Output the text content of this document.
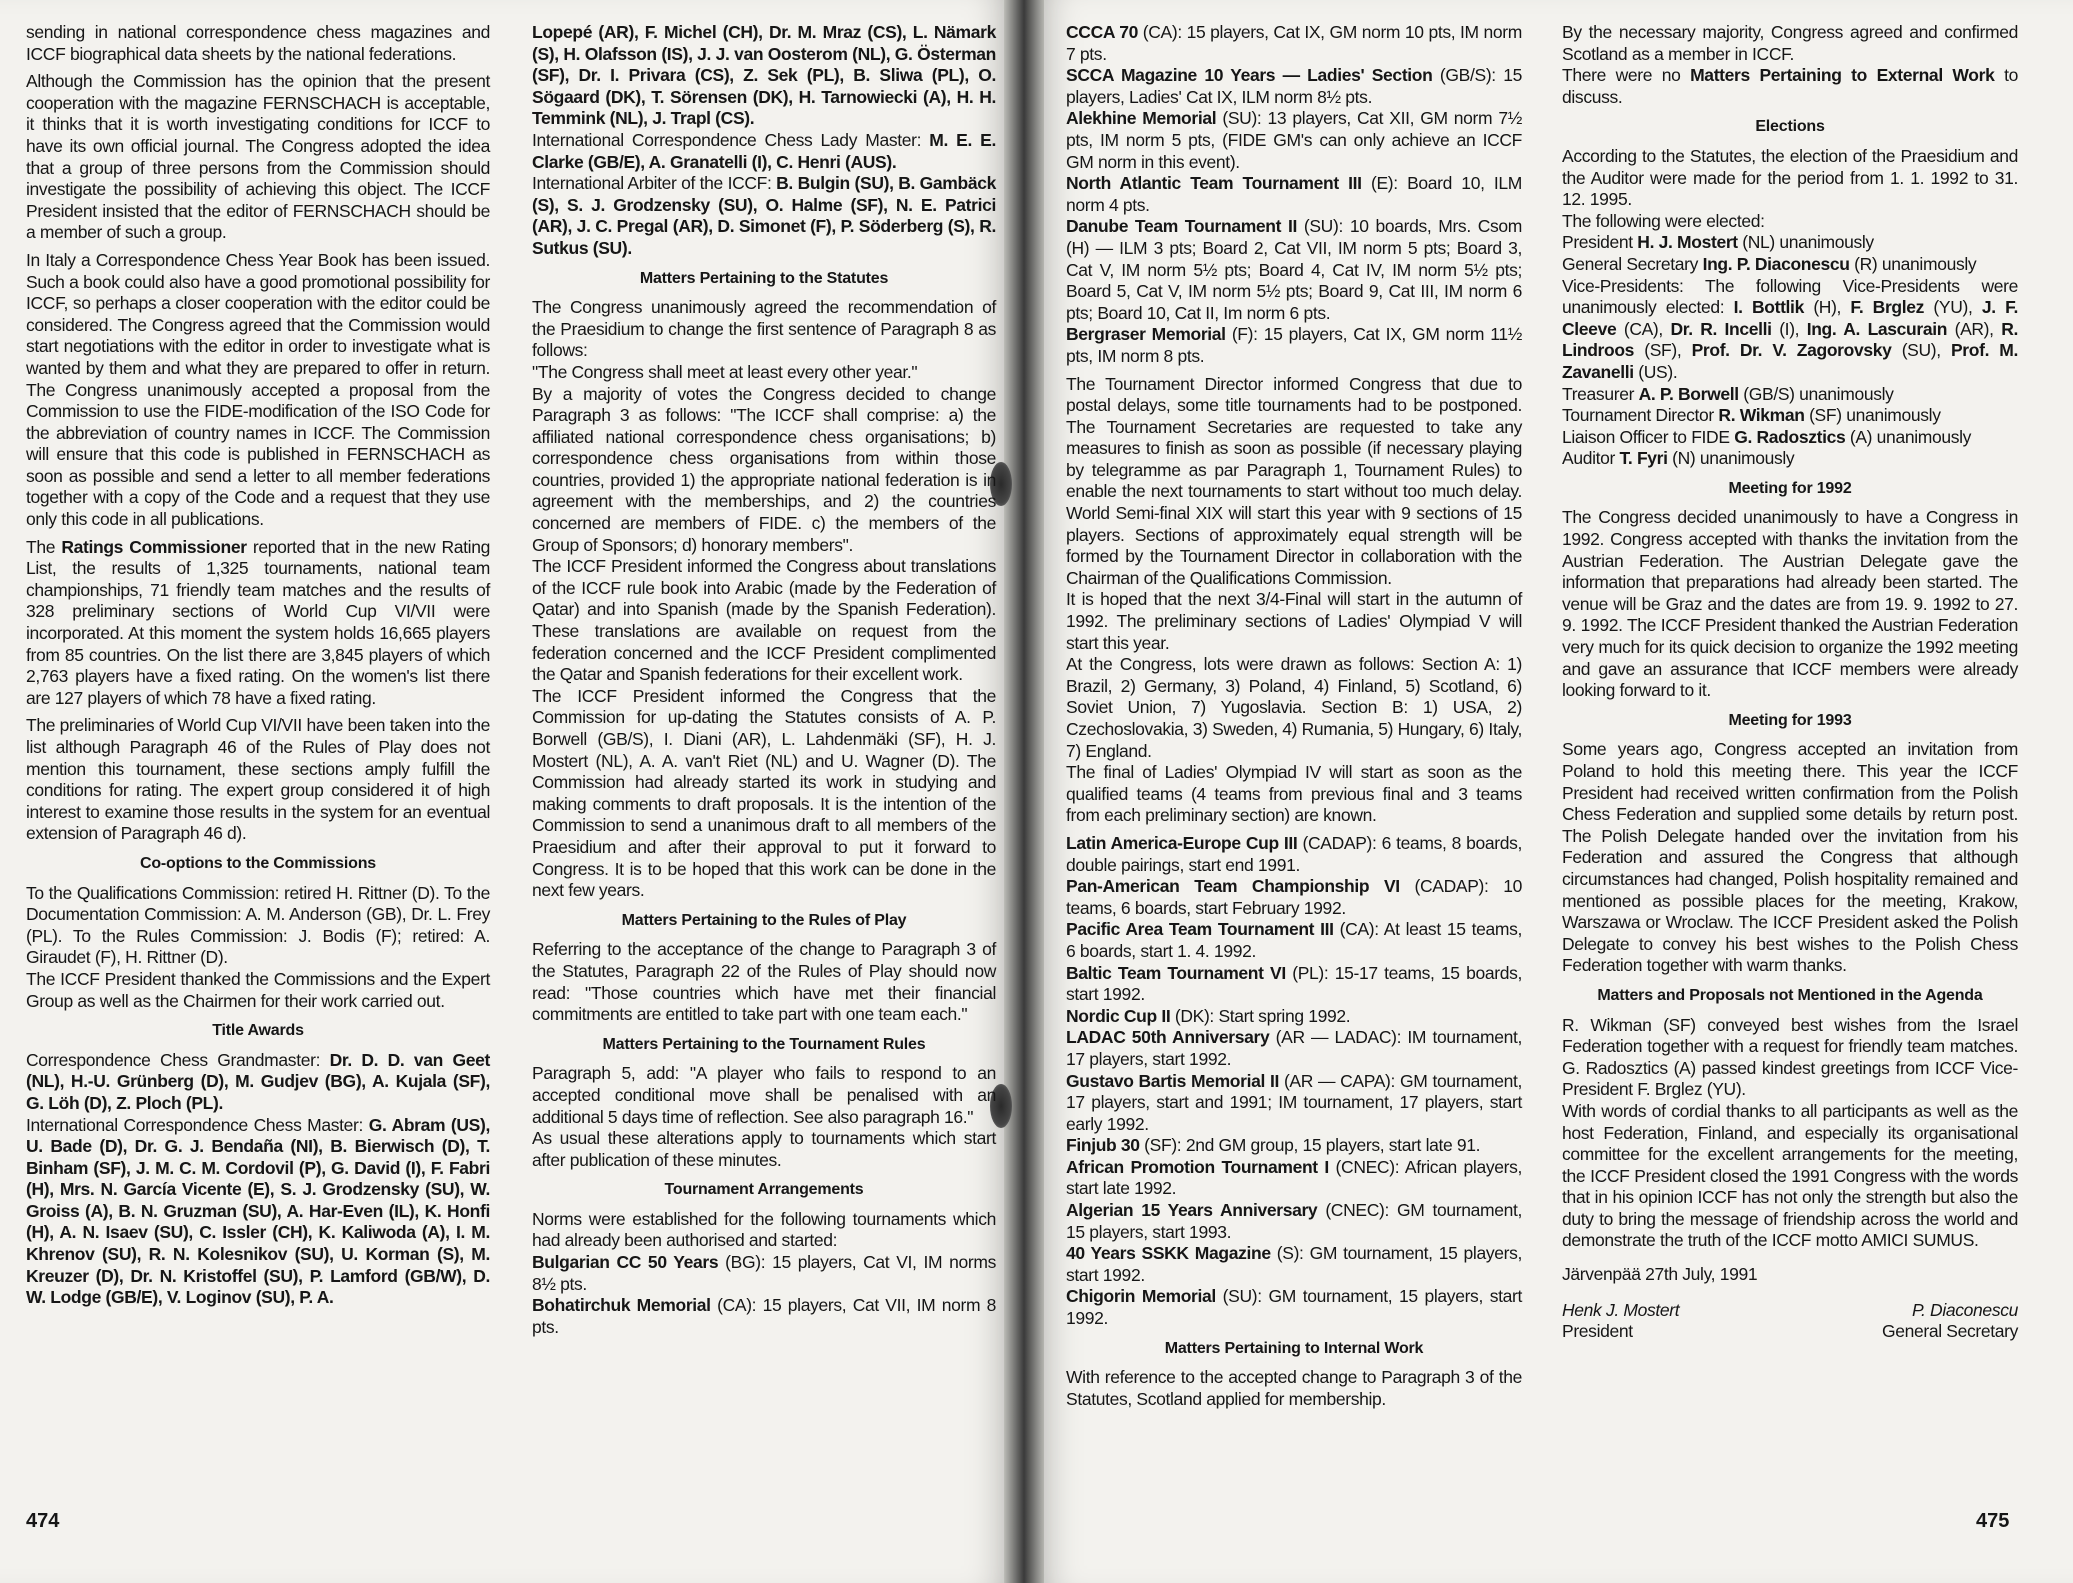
sending in national correspondence chess magazines and ICCF biographical data sheets by the national federations.

Although the Commission has the opinion that the present cooperation with the magazine FERNSCHACH is acceptable, it thinks that it is worth investigating conditions for ICCF to have its own official journal. The Congress adopted the idea that a group of three persons from the Commission should investigate the possibility of achieving this object. The ICCF President insisted that the editor of FERNSCHACH should be a member of such a group.

In Italy a Correspondence Chess Year Book has been issued. Such a book could also have a good promotional possibility for ICCF, so perhaps a closer cooperation with the editor could be considered. The Congress agreed that the Commission would start negotiations with the editor in order to investigate what is wanted by them and what they are prepared to offer in return. The Congress unanimously accepted a proposal from the Commission to use the FIDE-modification of the ISO Code for the abbreviation of country names in ICCF. The Commission will ensure that this code is published in FERNSCHACH as soon as possible and send a letter to all member federations together with a copy of the Code and a request that they use only this code in all publications.

The Ratings Commissioner reported that in the new Rating List, the results of 1,325 tournaments, national team championships, 71 friendly team matches and the results of 328 preliminary sections of World Cup VI/VII were incorporated. At this moment the system holds 16,665 players from 85 countries. On the list there are 3,845 players of which 2,763 players have a fixed rating. On the women's list there are 127 players of which 78 have a fixed rating.

The preliminaries of World Cup VI/VII have been taken into the list although Paragraph 46 of the Rules of Play does not mention this tournament, these sections amply fulfill the conditions for rating. The expert group considered it of high interest to examine those results in the system for an eventual extension of Paragraph 46 d).

Co-options to the Commissions

To the Qualifications Commission: retired H. Rittner (D). To the Documentation Commission: A. M. Anderson (GB), Dr. L. Frey (PL). To the Rules Commission: J. Bodis (F); retired: A. Giraudet (F), H. Rittner (D).

The ICCF President thanked the Commissions and the Expert Group as well as the Chairmen for their work carried out.

Title Awards

Correspondence Chess Grandmaster: Dr. D. D. van Geet (NL), H.-U. Grünberg (D), M. Gudjev (BG), A. Kujala (SF), G. Löh (D), Z. Ploch (PL).

International Correspondence Chess Master: G. Abram (US), U. Bade (D), Dr. G. J. Bendaña (NI), B. Bierwisch (D), T. Binham (SF), J. M. C. M. Cordovil (P), G. David (I), F. Fabri (H), Mrs. N. García Vicente (E), S. J. Grodzensky (SU), W. Groiss (A), B. N. Gruzman (SU), A. Har-Even (IL), K. Honfi (H), A. N. Isaev (SU), C. Issler (CH), K. Kaliwoda (A), I. M. Khrenov (SU), R. N. Kolesnikov (SU), U. Korman (S), M. Kreuzer (D), Dr. N. Kristoffel (SU), P. Lamford (GB/W), D. W. Lodge (GB/E), V. Loginov (SU), P. A.

Lopepé (AR), F. Michel (CH), Dr. M. Mraz (CS), L. Nämark (S), H. Olafsson (IS), J. J. van Oosterom (NL), G. Österman (SF), Dr. I. Privara (CS), Z. Sek (PL), B. Sliwa (PL), O. Sögaard (DK), T. Sörensen (DK), H. Tarnowiecki (A), H. H. Temmink (NL), J. Trapl (CS).

International Correspondence Chess Lady Master: M. E. E. Clarke (GB/E), A. Granatelli (I), C. Henri (AUS).

International Arbiter of the ICCF: B. Bulgin (SU), B. Gambäck (S), S. J. Grodzensky (SU), O. Halme (SF), N. E. Patrici (AR), J. C. Pregal (AR), D. Simonet (F), P. Söderberg (S), R. Sutkus (SU).

Matters Pertaining to the Statutes

The Congress unanimously agreed the recommendation of the Praesidium to change the first sentence of Paragraph 8 as follows:

"The Congress shall meet at least every other year."

By a majority of votes the Congress decided to change Paragraph 3 as follows: "The ICCF shall comprise: a) the affiliated national correspondence chess organisations; b) correspondence chess organisations from within those countries, provided 1) the appropriate national federation is in agreement with the memberships, and 2) the countries concerned are members of FIDE. c) the members of the Group of Sponsors; d) honorary members".

The ICCF President informed the Congress about translations of the ICCF rule book into Arabic (made by the Federation of Qatar) and into Spanish (made by the Spanish Federation). These translations are available on request from the federation concerned and the ICCF President complimented the Qatar and Spanish federations for their excellent work.

The ICCF President informed the Congress that the Commission for up-dating the Statutes consists of A. P. Borwell (GB/S), I. Diani (AR), L. Lahdenmäki (SF), H. J. Mostert (NL), A. A. van't Riet (NL) and U. Wagner (D). The Commission had already started its work in studying and making comments to draft proposals. It is the intention of the Commission to send a unanimous draft to all members of the Praesidium and after their approval to put it forward to Congress. It is to be hoped that this work can be done in the next few years.

Matters Pertaining to the Rules of Play

Referring to the acceptance of the change to Paragraph 3 of the Statutes, Paragraph 22 of the Rules of Play should now read: "Those countries which have met their financial commitments are entitled to take part with one team each."

Matters Pertaining to the Tournament Rules

Paragraph 5, add: "A player who fails to respond to an accepted conditional move shall be penalised with an additional 5 days time of reflection. See also paragraph 16."

As usual these alterations apply to tournaments which start after publication of these minutes.

Tournament Arrangements

Norms were established for the following tournaments which had already been authorised and started:

Bulgarian CC 50 Years (BG): 15 players, Cat VI, IM norms 8½ pts.

Bohatirchuk Memorial (CA): 15 players, Cat VII, IM norm 8 pts.

CCCA 70 (CA): 15 players, Cat IX, GM norm 10 pts, IM norm 7 pts.

SCCA Magazine 10 Years — Ladies' Section (GB/S): 15 players, Ladies' Cat IX, ILM norm 8½ pts.

Alekhine Memorial (SU): 13 players, Cat XII, GM norm 7½ pts, IM norm 5 pts, (FIDE GM's can only achieve an ICCF GM norm in this event).

North Atlantic Team Tournament III (E): Board 10, ILM norm 4 pts.

Danube Team Tournament II (SU): 10 boards, Mrs. Csom (H) — ILM 3 pts; Board 2, Cat VII, IM norm 5 pts; Board 3, Cat V, IM norm 5½ pts; Board 4, Cat IV, IM norm 5½ pts; Board 5, Cat V, IM norm 5½ pts; Board 9, Cat III, IM norm 6 pts; Board 10, Cat II, Im norm 6 pts.

Bergraser Memorial (F): 15 players, Cat IX, GM norm 11½ pts, IM norm 8 pts.

The Tournament Director informed Congress that due to postal delays, some title tournaments had to be postponed. The Tournament Secretaries are requested to take any measures to finish as soon as possible (if necessary playing by telegramme as par Paragraph 1, Tournament Rules) to enable the next tournaments to start without too much delay. World Semi-final XIX will start this year with 9 sections of 15 players. Sections of approximately equal strength will be formed by the Tournament Director in collaboration with the Chairman of the Qualifications Commission.

It is hoped that the next 3/4-Final will start in the autumn of 1992. The preliminary sections of Ladies' Olympiad V will start this year.

At the Congress, lots were drawn as follows: Section A: 1) Brazil, 2) Germany, 3) Poland, 4) Finland, 5) Scotland, 6) Soviet Union, 7) Yugoslavia. Section B: 1) USA, 2) Czechoslovakia, 3) Sweden, 4) Rumania, 5) Hungary, 6) Italy, 7) England.

The final of Ladies' Olympiad IV will start as soon as the qualified teams (4 teams from previous final and 3 teams from each preliminary section) are known.

Latin America-Europe Cup III (CADAP): 6 teams, 8 boards, double pairings, start end 1991.

Pan-American Team Championship VI (CADAP): 10 teams, 6 boards, start February 1992.

Pacific Area Team Tournament III (CA): At least 15 teams, 6 boards, start 1. 4. 1992.

Baltic Team Tournament VI (PL): 15-17 teams, 15 boards, start 1992.

Nordic Cup II (DK): Start spring 1992.

LADAC 50th Anniversary (AR — LADAC): IM tournament, 17 players, start 1992.

Gustavo Bartis Memorial II (AR — CAPA): GM tournament, 17 players, start and 1991; IM tournament, 17 players, start early 1992.

Finjub 30 (SF): 2nd GM group, 15 players, start late 91.

African Promotion Tournament I (CNEC): African players, start late 1992.

Algerian 15 Years Anniversary (CNEC): GM tournament, 15 players, start 1993.

40 Years SSKK Magazine (S): GM tournament, 15 players, start 1992.

Chigorin Memorial (SU): GM tournament, 15 players, start 1992.

Matters Pertaining to Internal Work

With reference to the accepted change to Paragraph 3 of the Statutes, Scotland applied for membership.

By the necessary majority, Congress agreed and confirmed Scotland as a member in ICCF.

There were no Matters Pertaining to External Work to discuss.

Elections

According to the Statutes, the election of the Praesidium and the Auditor were made for the period from 1. 1. 1992 to 31. 12. 1995.

The following were elected:

President H. J. Mostert (NL) unanimously

General Secretary Ing. P. Diaconescu (R) unanimously

Vice-Presidents: The following Vice-Presidents were unanimously elected: I. Bottlik (H), F. Brglez (YU), J. F. Cleeve (CA), Dr. R. Incelli (I), Ing. A. Lascurain (AR), R. Lindroos (SF), Prof. Dr. V. Zagorovsky (SU), Prof. M. Zavanelli (US).

Treasurer A. P. Borwell (GB/S) unanimously

Tournament Director R. Wikman (SF) unanimously

Liaison Officer to FIDE G. Radosztics (A) unanimously

Auditor T. Fyri (N) unanimously

Meeting for 1992

The Congress decided unanimously to have a Congress in 1992. Congress accepted with thanks the invitation from the Austrian Federation. The Austrian Delegate gave the information that preparations had already been started. The venue will be Graz and the dates are from 19. 9. 1992 to 27. 9. 1992. The ICCF President thanked the Austrian Federation very much for its quick decision to organize the 1992 meeting and gave an assurance that ICCF members were already looking forward to it.

Meeting for 1993

Some years ago, Congress accepted an invitation from Poland to hold this meeting there. This year the ICCF President had received written confirmation from the Polish Chess Federation and supplied some details by return post. The Polish Delegate handed over the invitation from his Federation and assured the Congress that although circumstances had changed, Polish hospitality remained and mentioned as possible places for the meeting, Krakow, Warszawa or Wroclaw. The ICCF President asked the Polish Delegate to convey his best wishes to the Polish Chess Federation together with warm thanks.

Matters and Proposals not Mentioned in the Agenda

R. Wikman (SF) conveyed best wishes from the Israel Federation together with a request for friendly team matches. G. Radosztics (A) passed kindest greetings from ICCF Vice-President F. Brglez (YU).

With words of cordial thanks to all participants as well as the host Federation, Finland, and especially its organisational committee for the excellent arrangements for the meeting, the ICCF President closed the 1991 Congress with the words that in his opinion ICCF has not only the strength but also the duty to bring the message of friendship across the world and demonstrate the truth of the ICCF motto AMICI SUMUS.

Järvenpää 27th July, 1991

Henk J. Mostert
President
P. Diaconescu
General Secretary
474	475
